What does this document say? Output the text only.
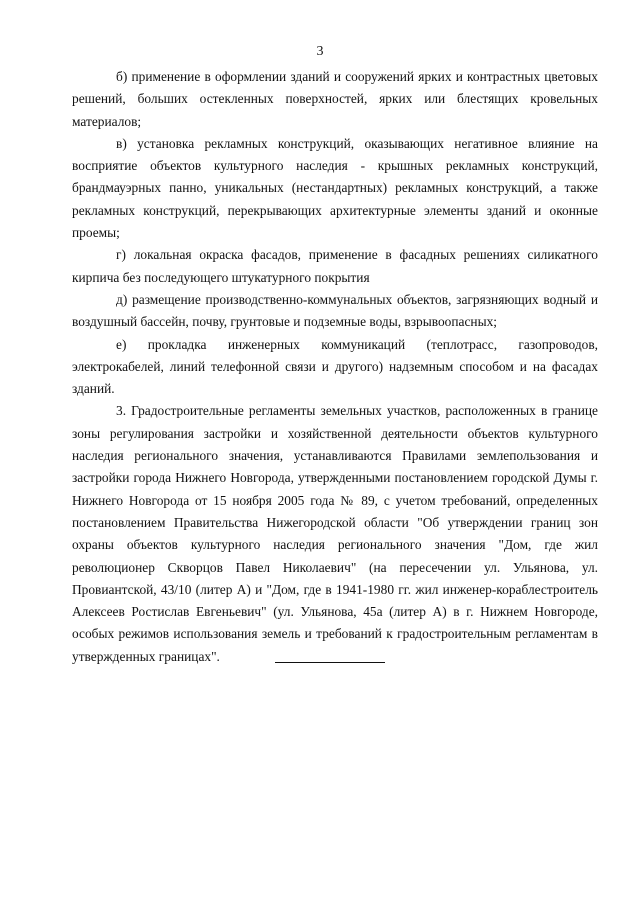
3

б) применение в оформлении зданий и сооружений ярких и контрастных цветовых решений, больших остекленных поверхностей, ярких или блестящих кровельных материалов;

в) установка рекламных конструкций, оказывающих негативное влияние на восприятие объектов культурного наследия - крышных рекламных конструкций, брандмауэрных панно, уникальных (нестандартных) рекламных конструкций, а также рекламных конструкций, перекрывающих архитектурные элементы зданий и оконные проемы;

г) локальная окраска фасадов, применение в фасадных решениях силикатного кирпича без последующего штукатурного покрытия

д) размещение производственно-коммунальных объектов, загрязняющих водный и воздушный бассейн, почву, грунтовые и подземные воды, взрывоопасных;

е) прокладка инженерных коммуникаций (теплотрасс, газопроводов, электрокабелей, линий телефонной связи и другого) надземным способом и на фасадах зданий.

3. Градостроительные регламенты земельных участков, расположенных в границе зоны регулирования застройки и хозяйственной деятельности объектов культурного наследия регионального значения, устанавливаются Правилами землепользования и застройки города Нижнего Новгорода, утвержденными постановлением городской Думы г. Нижнего Новгорода от 15 ноября 2005 года № 89, с учетом требований, определенных постановлением Правительства Нижегородской области "Об утверждении границ зон охраны объектов культурного наследия регионального значения "Дом, где жил революционер Скворцов Павел Николаевич" (на пересечении ул. Ульянова, ул. Провиантской, 43/10 (литер А) и "Дом, где в 1941-1980 гг. жил инженер-кораблестроитель Алексеев Ростислав Евгеньевич" (ул. Ульянова, 45а (литер А) в г. Нижнем Новгороде, особых режимов использования земель и требований к градостроительным регламентам в утвержденных границах".
